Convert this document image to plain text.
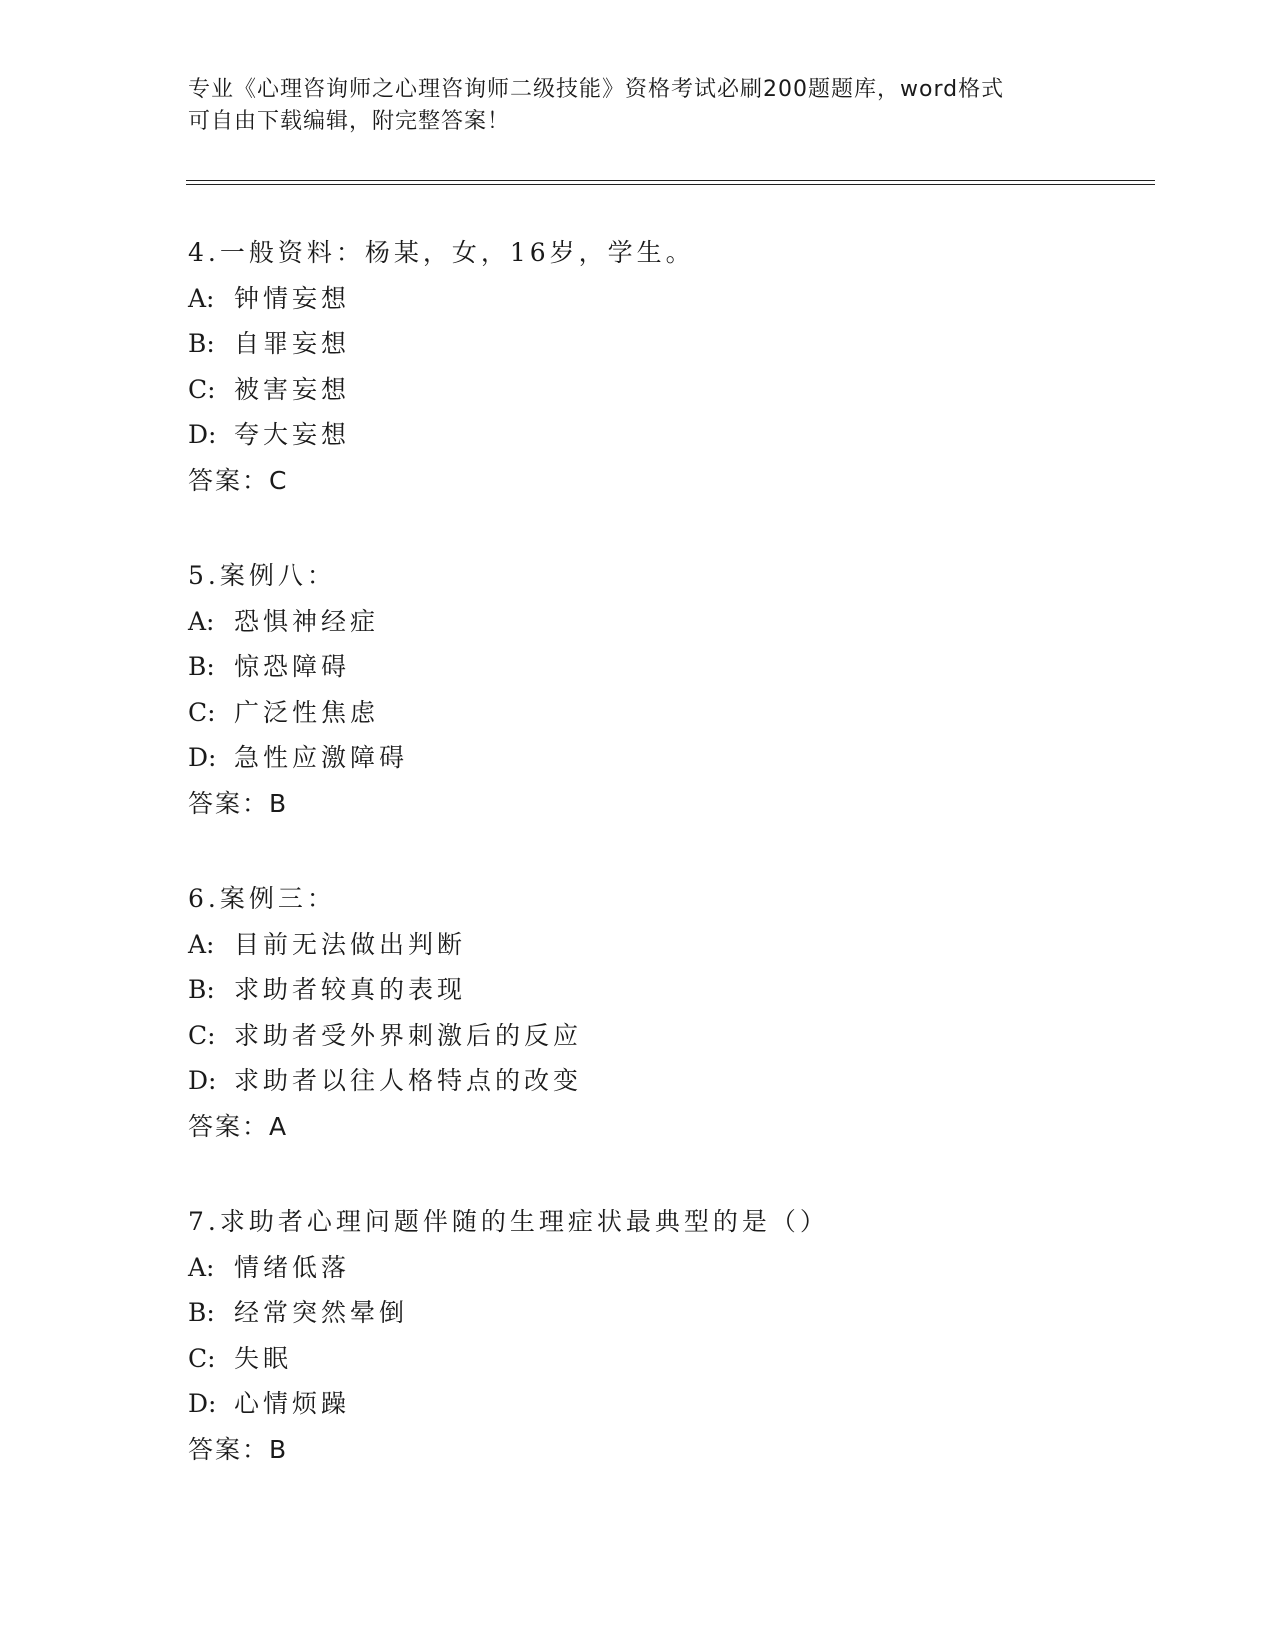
专业《心理咨询师之心理咨询师二级技能》资格考试必刷200题题库，word格式
可自由下载编辑，附完整答案！
4.一般资料：杨某，女，16岁，学生。
A: 钟情妄想
B: 自罪妄想
C: 被害妄想
D: 夸大妄想
答案：C
5.案例八：
A: 恐惧神经症
B: 惊恐障碍
C: 广泛性焦虑
D: 急性应激障碍
答案：B
6.案例三：
A: 目前无法做出判断
B: 求助者较真的表现
C: 求助者受外界刺激后的反应
D: 求助者以往人格特点的改变
答案：A
7.求助者心理问题伴随的生理症状最典型的是（）
A: 情绪低落
B: 经常突然晕倒
C: 失眠
D: 心情烦躁
答案：B
